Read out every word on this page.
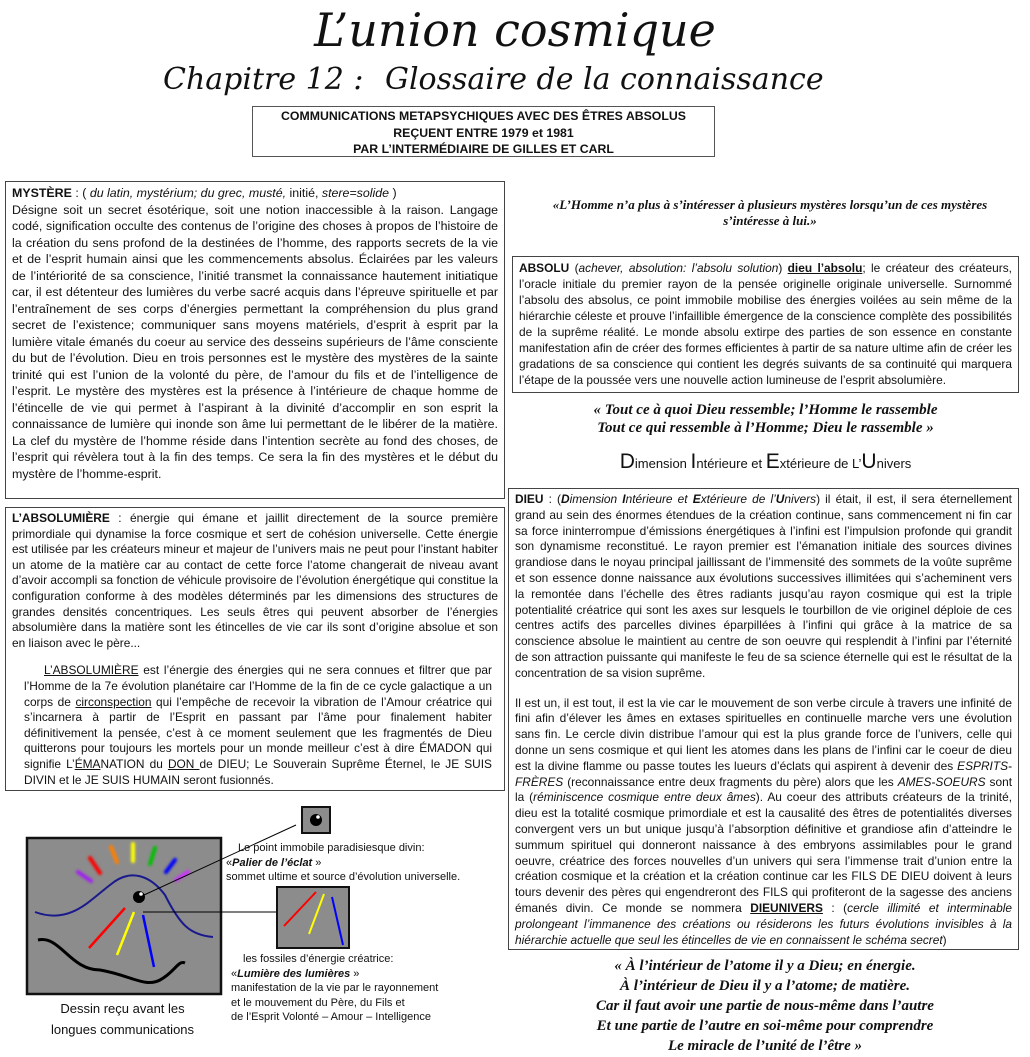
L’union cosmique
Chapitre 12 : Glossaire de la connaissance
COMMUNICATIONS METAPSYCHIQUES AVEC DES ÊTRES ABSOLUS
REÇUENT ENTRE 1979 et 1981
PAR L’INTERMÉDIAIRE DE GILLES ET CARL

MYSTÈRE : ( du latin, mystérium; du grec, musté, initié, stere=solide )

Désigne soit un secret ésotérique, soit une notion inaccessible à la raison. Langage codé, signification occulte des contenus de l’origine des choses à propos de l’histoire de la création du sens profond de la destinées de l’homme, des rapports secrets de la vie et de l’esprit humain ainsi que les commencements absolus. Éclairées par les valeurs de l’intériorité de sa conscience, l’initié transmet la connaissance hautement initiatique car, il est détenteur des lumières du verbe sacré acquis dans l’épreuve spirituelle et par l’entraînement de ses corps d’énergies permettant la compréhension du plus grand secret de l’existence; communiquer sans moyens matériels, d’esprit à esprit par la lumière vitale émanés du coeur au service des desseins supérieurs de l’âme consciente du but de l’évolution. Dieu en trois personnes est le mystère des mystères de la sainte trinité qui est l’union de la volonté du père, de l’amour du fils et de l’intelligence de l’esprit. Le mystère des mystères est la présence à l’intérieure de chaque homme de l’étincelle de vie qui permet à l’aspirant à la divinité d’accomplir en son esprit la connaissance de lumière qui inonde son âme lui permettant de le libérer de la matière. La clef du mystère de l’homme réside dans l’intention secrète au fond des choses, de l’esprit qui révèlera tout à la fin des temps. Ce sera la fin des mystères et le début du mystère de l’homme-esprit.

«L’Homme n’a plus à s’intéresser à plusieurs mystères lorsqu’un de ces mystères s’intéresse à lui.»

ABSOLU (achever, absolution: l’absolu solution) dieu l’absolu; le créateur des créateurs, l’oracle initiale du premier rayon de la pensée originelle originale universelle. Surnommé l’absolu des absolus, ce point immobile mobilise des énergies voilées au sein même de la hiérarchie céleste et prouve l’infaillible émergence de la conscience complète des possibilités de la suprême réalité. Le monde absolu extirpe des parties de son essence en constante manifestation afin de créer des formes efficientes à partir de sa nature ultime afin de créer les gradations de sa conscience qui contient les degrés suivants de sa continuité qui marquera l’étape de la poussée vers une nouvelle action lumineuse de l’esprit absolumière.

« Tout ce à quoi Dieu ressemble; l’Homme le rassemble
Tout ce qui ressemble à l’Homme; Dieu le rassemble »
Dimension Intérieure et Extérieure de L’Univers

L’ABSOLUMIÈRE : énergie qui émane et jaillit directement de la source première primordiale qui dynamise la force cosmique et sert de cohésion universelle. Cette énergie est utilisée par les créateurs mineur et majeur de l’univers mais ne peut pour l’instant habiter un atome de la matière car au contact de cette force l’atome changerait de niveau avant d’avoir accompli sa fonction de véhicule provisoire de l’évolution énergétique qui constitue la configuration conforme à des modèles déterminés par les dimensions des structures de grandes densités concentriques. Les seuls êtres qui peuvent absorber de l’énergies absolumière dans la matière sont les étincelles de vie car ils sont d’origine absolue et son en liaison avec le père...

L’ABSOLUMIÈRE est l’énergie des énergies qui ne sera connues et filtrer que par l’Homme de la 7e évolution planétaire car l’Homme de la fin de ce cycle galactique a un corps de circonspection qui l’empêche de recevoir la vibration de l’Amour créatrice qui s’incarnera à partir de l’Esprit en passant par l’âme pour finalement habiter définitivement la pensée, c’est à ce moment seulement que les fragmentés de Dieu quitterons pour toujours les mortels pour un monde meilleur c’est à dire ÉMADON qui signifie L’ÉMANATION du DON de DIEU; Le Souverain Suprême Éternel, le JE SUIS DIVIN et le JE SUIS HUMAIN seront fusionnés.

DIEU : (Dimension Intérieure et Extérieure de l’Univers) il était, il est, il sera éternellement grand au sein des énormes étendues de la création continue, sans commencement ni fin car sa force ininterrompue d’émissions énergétiques à l’infini est l’impulsion profonde qui grandit son dynamisme reconstitué. Le rayon premier est l’émanation initiale des sources divines grandiose dans le noyau principal jaillissant de l’immensité des sommets de la voûte suprême et son essence donne naissance aux évolutions successives illimitées qui s’acheminent vers la remontée dans l’échelle des êtres radiants jusqu’au rayon cosmique qui est la triple potentialité créatrice qui sont les axes sur lesquels le tourbillon de vie originel déploie de ces centres actifs des parcelles divines éparpillées à l’infini qui grâce à la matrice de sa conscience absolue le maintient au centre de son oeuvre qui resplendit à l’infini par l’éternité de son attraction puissante qui manifeste le feu de sa science éternelle qui est le résultat de la concentration de sa vision suprême.

Il est un, il est tout, il est la vie car le mouvement de son verbe circule à travers une infinité de fini afin d’élever les âmes en extases spirituelles en continuelle marche vers une évolution sans fin. Le cercle divin distribue l’amour qui est la plus grande force de l’univers, celle qui donne un sens cosmique et qui lient les atomes dans les plans de l’infini car le coeur de dieu est la divine flamme ou passe toutes les lueurs d’éclats qui aspirent à devenir des ESPRITS-FRÈRES (reconnaissance entre deux fragments du père) alors que les AMES-SOEURS sont la (réminiscence cosmique entre deux âmes). Au coeur des attributs créateurs de la trinité, dieu est la totalité cosmique primordiale et est la causalité des êtres de potentialités diverses convergent vers un but unique jusqu’à l’absorption définitive et grandiose afin d’atteindre le summum spirituel qui donneront naissance à des embryons assimilables pour le grand oeuvre, créatrice des forces nouvelles d’un univers qui sera l’immense trait d’union entre la création cosmique et la création et la création continue car les FILS DE DIEU doivent à leurs tours devenir des pères qui engendreront des FILS qui profiteront de la sagesse des anciens émanés divin. Ce monde se nommera DIEUNIVERS : (cercle illimité et interminable prolongeant l’immanence des créations ou résiderons les futurs évolutions invisibles à la hiérarchie actuelle que seul les étincelles de vie en connaissent le schéma secret)

Le point immobile paradisiesque divin:
«Palier de l’éclat »
sommet ultime et source d’évolution universelle.
les fossiles d’énergie créatrice:
«Lumière des lumières »
manifestation de la vie par le rayonnement
et le mouvement du Père, du Fils et
de l’Esprit Volonté – Amour – Intelligence
Dessin reçu avant les
longues communications
« À l’intérieur de l’atome il y a Dieu; en énergie.
À l’intérieur de Dieu il y a l’atome; de matière.
Car il faut avoir une partie de nous-même dans l’autre
Et une partie de l’autre en soi-même pour comprendre
Le miracle de l’unité de l’être »
